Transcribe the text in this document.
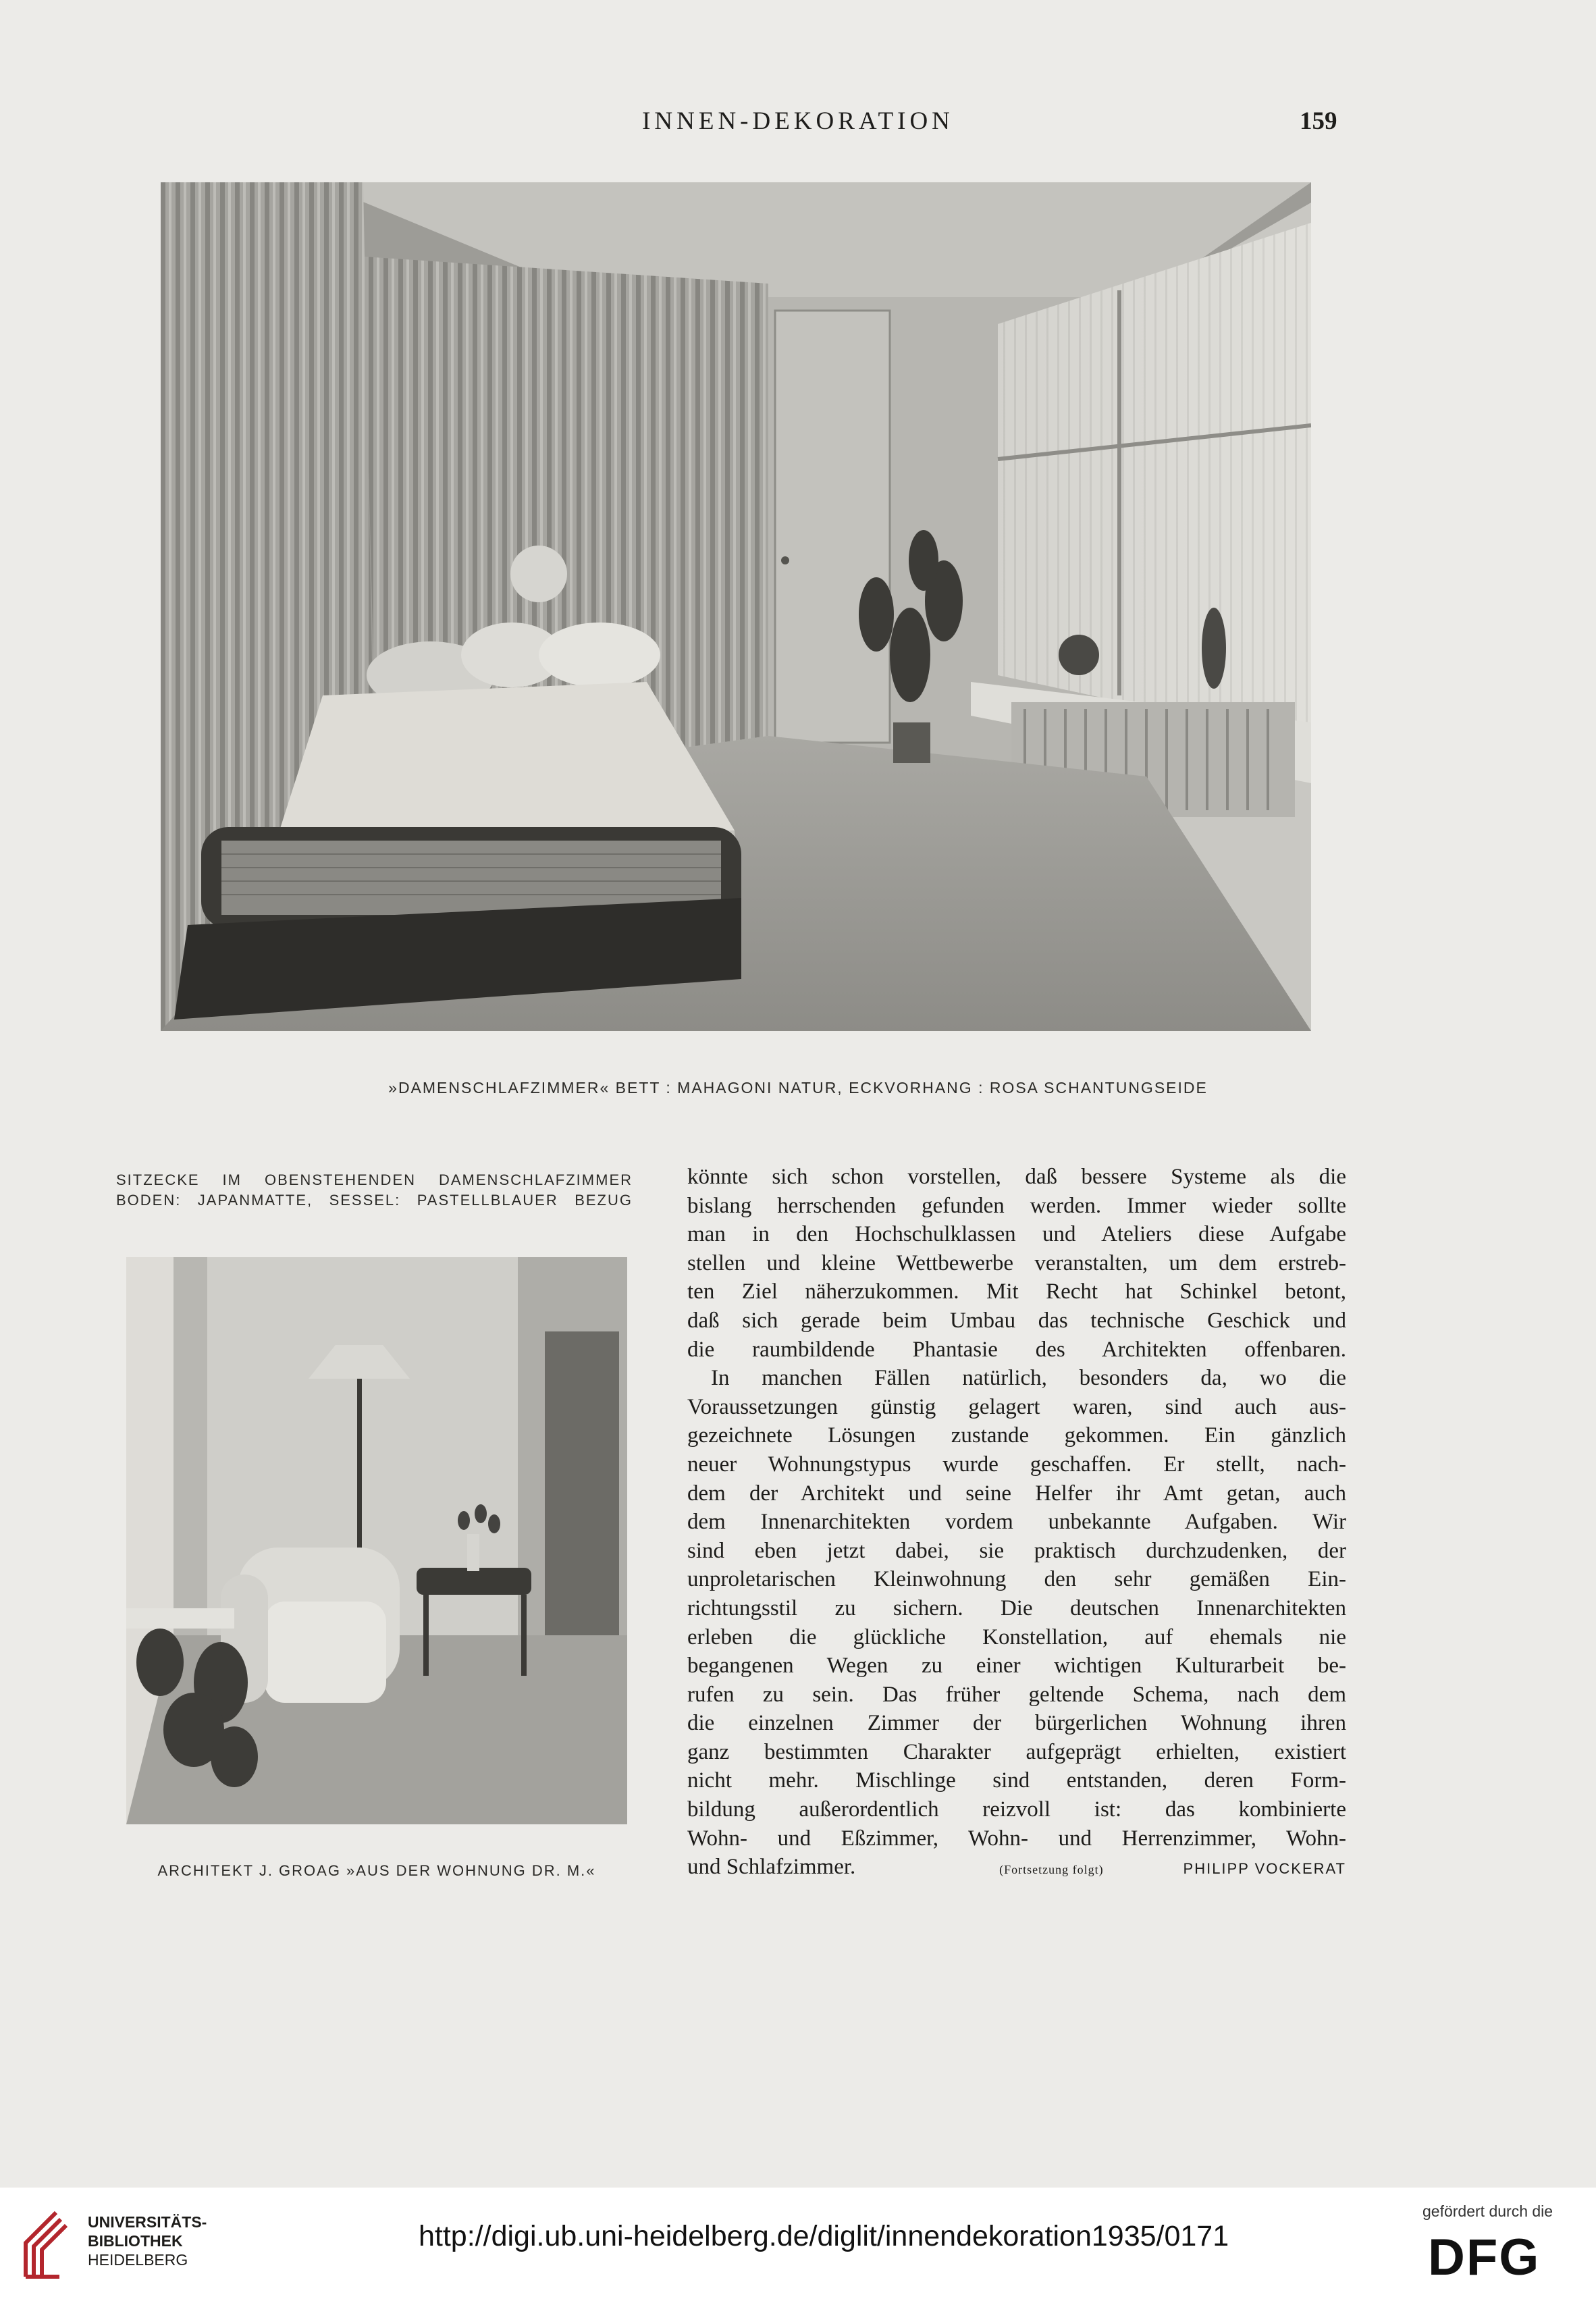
INNEN-DEKORATION	159
»DAMENSCHLAFZIMMER« BETT : MAHAGONI NATUR, ECKVORHANG : ROSA SCHANTUNGSEIDE
SITZECKE IM OBENSTEHENDEN DAMENSCHLAFZIMMER
BODEN: JAPANMATTE, SESSEL: PASTELLBLAUER BEZUG
ARCHITEKT J. GROAG »AUS DER WOHNUNG DR. M.«
könnte sich schon vorstellen, daß bessere Systeme als die
bislang herrschenden gefunden werden. Immer wieder sollte
man in den Hochschulklassen und Ateliers diese Aufgabe
stellen und kleine Wettbewerbe veranstalten, um dem erstreb-
ten Ziel näherzukommen. Mit Recht hat Schinkel betont,
daß sich gerade beim Umbau das technische Geschick und
die raumbildende Phantasie des Architekten offenbaren.
In manchen Fällen natürlich, besonders da, wo die
Voraussetzungen günstig gelagert waren, sind auch aus-
gezeichnete Lösungen zustande gekommen. Ein gänzlich
neuer Wohnungstypus wurde geschaffen. Er stellt, nach-
dem der Architekt und seine Helfer ihr Amt getan, auch
dem Innenarchitekten vordem unbekannte Aufgaben. Wir
sind eben jetzt dabei, sie praktisch durchzudenken, der
unproletarischen Kleinwohnung den sehr gemäßen Ein-
richtungsstil zu sichern. Die deutschen Innenarchitekten
erleben die glückliche Konstellation, auf ehemals nie
begangenen Wegen zu einer wichtigen Kulturarbeit be-
rufen zu sein. Das früher geltende Schema, nach dem
die einzelnen Zimmer der bürgerlichen Wohnung ihren
ganz bestimmten Charakter aufgeprägt erhielten, existiert
nicht mehr. Mischlinge sind entstanden, deren Form-
bildung außerordentlich reizvoll ist: das kombinierte
Wohn- und Eßzimmer, Wohn- und Herrenzimmer, Wohn-
und Schlafzimmer.	(Fortsetzung folgt)	PHILIPP VOCKERAT
UNIVERSITÄTS-
BIBLIOTHEK
HEIDELBERG
http://digi.ub.uni-heidelberg.de/diglit/innendekoration1935/0171
gefördert durch die
DFG
